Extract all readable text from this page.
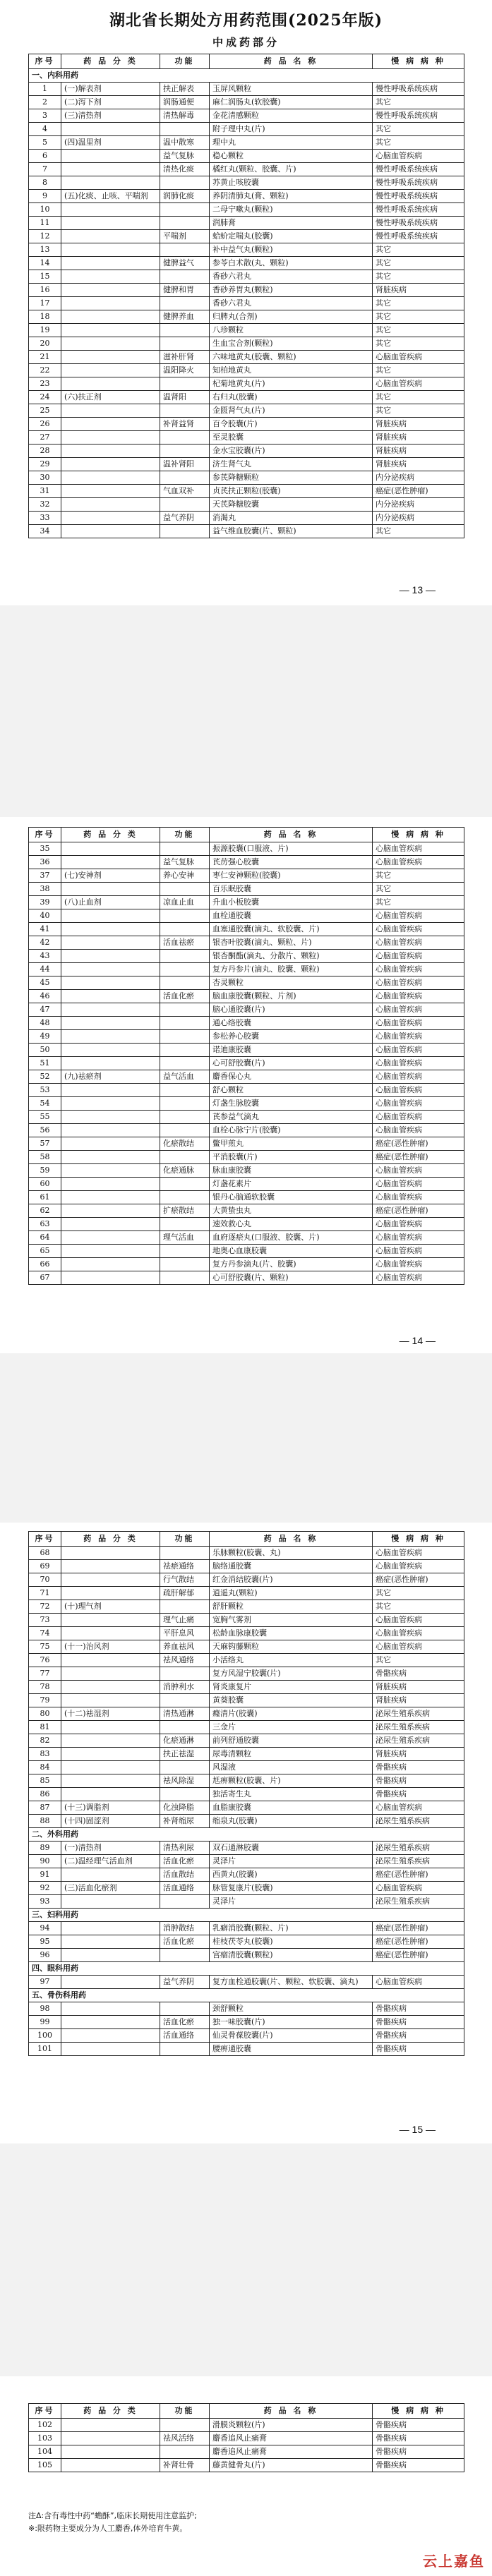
湖北省长期处方用药范围(2025年版)
中成药部分
序号	药 品 分 类	功能	药 品 名 称	慢 病 病 种
一、内科用药				
1	(一)解表剂	扶正解表	玉屏风颗粒	慢性呼吸系统疾病
2	(二)泻下剂	润肠通便	麻仁润肠丸(软胶囊)	其它
3	(三)清热剂	清热解毒	金花清感颗粒	慢性呼吸系统疾病
4			附子理中丸(片)	其它
5	(四)温里剂	温中散寒	理中丸	其它
6		益气复脉	稳心颗粒	心脑血管疾病
7		清热化痰	橘红丸(颗粒、胶囊、片)	慢性呼吸系统疾病
8			苏黄止咳胶囊	慢性呼吸系统疾病
9	(五)化痰、止咳、平喘剂	润肺化痰	养阴清肺丸(膏、颗粒)	慢性呼吸系统疾病
10			二母宁嗽丸(颗粒)	慢性呼吸系统疾病
11			润肺膏	慢性呼吸系统疾病
12		平喘剂	蛤蚧定喘丸(胶囊)	慢性呼吸系统疾病
13			补中益气丸(颗粒)	其它
14		健脾益气	参苓白术散(丸、颗粒)	其它
15			香砂六君丸	其它
16		健脾和胃	香砂养胃丸(颗粒)	肾脏疾病
17			香砂六君丸	其它
18		健脾养血	归脾丸(合剂)	其它
19			八珍颗粒	其它
20			生血宝合剂(颗粒)	其它
21		滋补肝肾	六味地黄丸(胶囊、颗粒)	心脑血管疾病
22		温阳降火	知柏地黄丸	其它
23			杞菊地黄丸(片)	心脑血管疾病
24	(六)扶正剂	温肾阳	右归丸(胶囊)	其它
25			金匮肾气丸(片)	其它
26		补肾益肾	百令胶囊(片)	肾脏疾病
27			至灵胶囊	肾脏疾病
28			金水宝胶囊(片)	肾脏疾病
29		温补肾阳	济生肾气丸	肾脏疾病
30			参芪降糖颗粒	内分泌疾病
31		气血双补	贞芪扶正颗粒(胶囊)	癌症(恶性肿瘤)
32			天芪降糖胶囊	内分泌疾病
33		益气养阴	消渴丸	内分泌疾病
34			益气维血胶囊(片、颗粒)	其它
— 13 —
序号	药 品 分 类	功能	药 品 名 称	慢 病 病 种
35			振源胶囊(口服液、片)	心脑血管疾病
36		益气复脉	芪苈强心胶囊	心脑血管疾病
37	(七)安神剂	养心安神	枣仁安神颗粒(胶囊)	其它
38			百乐眠胶囊	其它
39	(八)止血剂	凉血止血	升血小板胶囊	其它
40			血栓通胶囊	心脑血管疾病
41			血塞通胶囊(滴丸、软胶囊、片)	心脑血管疾病
42		活血祛瘀	银杏叶胶囊(滴丸、颗粒、片)	心脑血管疾病
43			银杏酮酯(滴丸、分散片、颗粒)	心脑血管疾病
44			复方丹参片(滴丸、胶囊、颗粒)	心脑血管疾病
45			杏灵颗粒	心脑血管疾病
46		活血化瘀	脑血康胶囊(颗粒、片剂)	心脑血管疾病
47			脑心通胶囊(片)	心脑血管疾病
48			通心络胶囊	心脑血管疾病
49			参松养心胶囊	心脑血管疾病
50			诺迪康胶囊	心脑血管疾病
51			心可舒胶囊(片)	心脑血管疾病
52	(九)祛瘀剂	益气活血	麝香保心丸	心脑血管疾病
53			舒心颗粒	心脑血管疾病
54			灯盏生脉胶囊	心脑血管疾病
55			芪参益气滴丸	心脑血管疾病
56			血栓心脉宁片(胶囊)	心脑血管疾病
57		化瘀散结	鳖甲煎丸	癌症(恶性肿瘤)
58			平消胶囊(片)	癌症(恶性肿瘤)
59		化瘀通脉	脉血康胶囊	心脑血管疾病
60			灯盏花素片	心脑血管疾病
61			银丹心脑通软胶囊	心脑血管疾病
62		扩瘀散结	大黄蛰虫丸	癌症(恶性肿瘤)
63			速效救心丸	心脑血管疾病
64		理气活血	血府逐瘀丸(口服液、胶囊、片)	心脑血管疾病
65			地奥心血康胶囊	心脑血管疾病
66			复方丹参滴丸(片、胶囊)	心脑血管疾病
67			心可舒胶囊(片、颗粒)	心脑血管疾病
— 14 —
序号	药 品 分 类	功能	药 品 名 称	慢 病 病 种
68			乐脉颗粒(胶囊、丸)	心脑血管疾病
69		祛瘀通络	脑络通胶囊	心脑血管疾病
70		行气散结	红金消结胶囊(片)	癌症(恶性肿瘤)
71		疏肝解郁	逍遥丸(颗粒)	其它
72	(十)理气剂		舒肝颗粒	其它
73		理气止痛	宽胸气雾剂	心脑血管疾病
74		平肝息风	松龄血脉康胶囊	心脑血管疾病
75	(十一)治风剂	养血祛风	天麻钩藤颗粒	心脑血管疾病
76		祛风通络	小活络丸	其它
77			复方风湿宁胶囊(片)	骨骼疾病
78		消肿利水	肾炎康复片	肾脏疾病
79			黄葵胶囊	肾脏疾病
80	(十二)祛湿剂	清热通淋	癃清片(胶囊)	泌尿生殖系疾病
81			三金片	泌尿生殖系疾病
82		化瘀通淋	前列舒通胶囊	泌尿生殖系疾病
83		扶正祛湿	尿毒清颗粒	肾脏疾病
84			风湿液	骨骼疾病
85		祛风除湿	尪痹颗粒(胶囊、片)	骨骼疾病
86			独活寄生丸	骨骼疾病
87	(十三)调脂剂	化浊降脂	血脂康胶囊	心脑血管疾病
88	(十四)固涩剂	补肾缩尿	缩泉丸(胶囊)	泌尿生殖系疾病
二、外科用药				
89	(一)清热剂	清热利尿	双石通淋胶囊	泌尿生殖系疾病
90	(二)温经理气活血剂	活血化瘀	灵泽片	泌尿生殖系疾病
91		活血散结	西黄丸(胶囊)	癌症(恶性肿瘤)
92	(三)活血化瘀剂	活血通络	脉管复康片(胶囊)	心脑血管疾病
93			灵泽片	泌尿生殖系疾病
三、妇科用药				
94		消肿散结	乳癖消胶囊(颗粒、片)	癌症(恶性肿瘤)
95		活血化瘀	桂枝茯苓丸(胶囊)	癌症(恶性肿瘤)
96			宫瘤清胶囊(颗粒)	癌症(恶性肿瘤)
四、眼科用药				
97		益气养阴	复方血栓通胶囊(片、颗粒、软胶囊、滴丸)	心脑血管疾病
五、骨伤科用药				
98			颈舒颗粒	骨骼疾病
99		活血化瘀	独一味胶囊(片)	骨骼疾病
100		活血通络	仙灵骨葆胶囊(片)	骨骼疾病
101			腰痹通胶囊	骨骼疾病
— 15 —
序号	药 品 分 类	功能	药 品 名 称	慢 病 病 种
102			滑膜炎颗粒(片)	骨骼疾病
103		祛风活络	麝香追风止痛膏	骨骼疾病
104			麝香追风止痛膏	骨骼疾病
105		补肾壮骨	藤黄健骨丸(片)	骨骼疾病
注Δ:含有毒性中药“蟾酥”,临床长期使用注意监护;
※:限药物主要成分为人工麝香,体外培育牛黄。
云上嘉鱼
